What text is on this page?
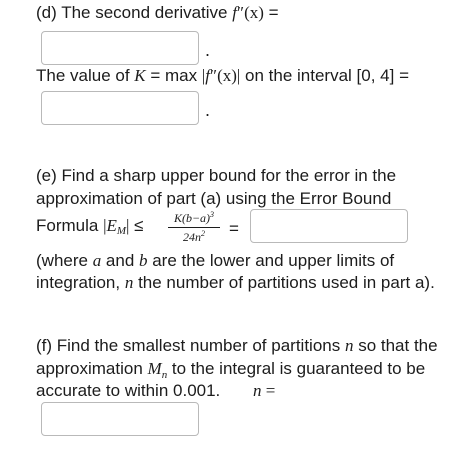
(d) The second derivative f″(x) =
.
The value of K = max |f″(x)| on the interval [0, 4] =
.
(e) Find a sharp upper bound for the error in the
approximation of part (a) using the Error Bound
Formula |EM| ≤	$K(b-a)^3$
$24n^2$	=
(where a and b are the lower and upper limits of
integration, n the number of partitions used in part a).
(f) Find the smallest number of partitions n so that the
approximation $M_n$ to the integral is guaranteed to be
accurate to within 0.001. n =
